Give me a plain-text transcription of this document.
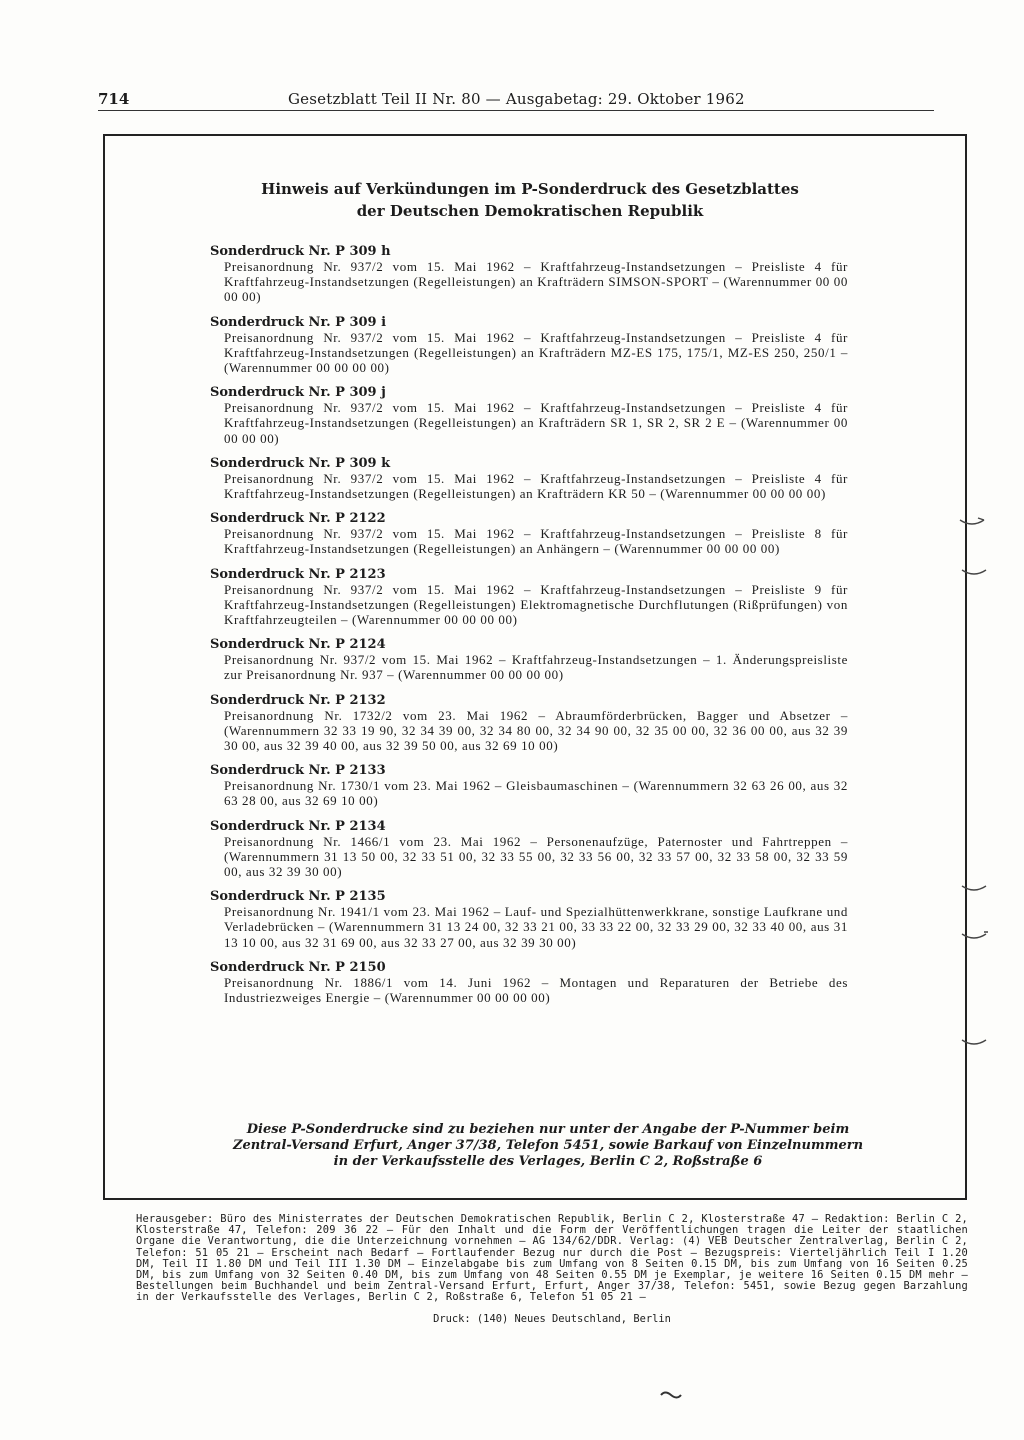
714	Gesetzblatt Teil II Nr. 80 — Ausgabetag: 29. Oktober 1962
Hinweis auf Verkündungen im P-Sonderdruck des Gesetzblattes
der Deutschen Demokratischen Republik
Sonderdruck Nr. P 309 h
Preisanordnung Nr. 937/2 vom 15. Mai 1962 – Kraftfahrzeug-Instandsetzungen – Preisliste 4 für Kraftfahrzeug-Instandsetzungen (Regelleistungen) an Krafträdern SIMSON-SPORT – (Warennummer 00 00 00 00)
Sonderdruck Nr. P 309 i
Preisanordnung Nr. 937/2 vom 15. Mai 1962 – Kraftfahrzeug-Instandsetzungen – Preisliste 4 für Kraftfahrzeug-Instandsetzungen (Regelleistungen) an Krafträdern MZ-ES 175, 175/1, MZ-ES 250, 250/1 – (Warennummer 00 00 00 00)
Sonderdruck Nr. P 309 j
Preisanordnung Nr. 937/2 vom 15. Mai 1962 – Kraftfahrzeug-Instandsetzungen – Preisliste 4 für Kraftfahrzeug-Instandsetzungen (Regelleistungen) an Krafträdern SR 1, SR 2, SR 2 E – (Warennummer 00 00 00 00)
Sonderdruck Nr. P 309 k
Preisanordnung Nr. 937/2 vom 15. Mai 1962 – Kraftfahrzeug-Instandsetzungen – Preisliste 4 für Kraftfahrzeug-Instandsetzungen (Regelleistungen) an Krafträdern KR 50 – (Warennummer 00 00 00 00)
Sonderdruck Nr. P 2122
Preisanordnung Nr. 937/2 vom 15. Mai 1962 – Kraftfahrzeug-Instandsetzungen – Preisliste 8 für Kraftfahrzeug-Instandsetzungen (Regelleistungen) an Anhängern – (Warennummer 00 00 00 00)
Sonderdruck Nr. P 2123
Preisanordnung Nr. 937/2 vom 15. Mai 1962 – Kraftfahrzeug-Instandsetzungen – Preisliste 9 für Kraftfahrzeug-Instandsetzungen (Regelleistungen) Elektromagnetische Durchflutungen (Rißprüfungen) von Kraftfahrzeugteilen – (Warennummer 00 00 00 00)
Sonderdruck Nr. P 2124
Preisanordnung Nr. 937/2 vom 15. Mai 1962 – Kraftfahrzeug-Instandsetzungen – 1. Änderungspreisliste zur Preisanordnung Nr. 937 – (Warennummer 00 00 00 00)
Sonderdruck Nr. P 2132
Preisanordnung Nr. 1732/2 vom 23. Mai 1962 – Abraumförderbrücken, Bagger und Absetzer – (Warennummern 32 33 19 90, 32 34 39 00, 32 34 80 00, 32 34 90 00, 32 35 00 00, 32 36 00 00, aus 32 39 30 00, aus 32 39 40 00, aus 32 39 50 00, aus 32 69 10 00)
Sonderdruck Nr. P 2133
Preisanordnung Nr. 1730/1 vom 23. Mai 1962 – Gleisbaumaschinen – (Warennummern 32 63 26 00, aus 32 63 28 00, aus 32 69 10 00)
Sonderdruck Nr. P 2134
Preisanordnung Nr. 1466/1 vom 23. Mai 1962 – Personenaufzüge, Paternoster und Fahrtreppen – (Warennummern 31 13 50 00, 32 33 51 00, 32 33 55 00, 32 33 56 00, 32 33 57 00, 32 33 58 00, 32 33 59 00, aus 32 39 30 00)
Sonderdruck Nr. P 2135
Preisanordnung Nr. 1941/1 vom 23. Mai 1962 – Lauf- und Spezialhüttenwerkkrane, sonstige Laufkrane und Verladebrücken – (Warennummern 31 13 24 00, 32 33 21 00, 33 33 22 00, 32 33 29 00, 32 33 40 00, aus 31 13 10 00, aus 32 31 69 00, aus 32 33 27 00, aus 32 39 30 00)
Sonderdruck Nr. P 2150
Preisanordnung Nr. 1886/1 vom 14. Juni 1962 – Montagen und Reparaturen der Betriebe des Industriezweiges Energie – (Warennummer 00 00 00 00)
Diese P-Sonderdrucke sind zu beziehen nur unter der Angabe der P-Nummer beim
Zentral-Versand Erfurt, Anger 37/38, Telefon 5451, sowie Barkauf von Einzelnummern
in der Verkaufsstelle des Verlages, Berlin C 2, Roßstraße 6
Herausgeber: Büro des Ministerrates der Deutschen Demokratischen Republik, Berlin C 2, Klosterstraße 47 – Redaktion: Berlin C 2, Klosterstraße 47, Telefon: 209 36 22 – Für den Inhalt und die Form der Veröffentlichungen tragen die Leiter der staatlichen Organe die Verantwortung, die die Unterzeichnung vornehmen – AG 134/62/DDR. Verlag: (4) VEB Deutscher Zentralverlag, Berlin C 2, Telefon: 51 05 21 – Erscheint nach Bedarf – Fortlaufender Bezug nur durch die Post – Bezugspreis: Vierteljährlich Teil I 1.20 DM, Teil II 1.80 DM und Teil III 1.30 DM – Einzelabgabe bis zum Umfang von 8 Seiten 0.15 DM, bis zum Umfang von 16 Seiten 0.25 DM, bis zum Umfang von 32 Seiten 0.40 DM, bis zum Umfang von 48 Seiten 0.55 DM je Exemplar, je weitere 16 Seiten 0.15 DM mehr – Bestellungen beim Buchhandel und beim Zentral-Versand Erfurt, Erfurt, Anger 37/38, Telefon: 5451, sowie Bezug gegen Barzahlung in der Verkaufsstelle des Verlages, Berlin C 2, Roßstraße 6, Telefon 51 05 21 –
Druck: (140) Neues Deutschland, Berlin
